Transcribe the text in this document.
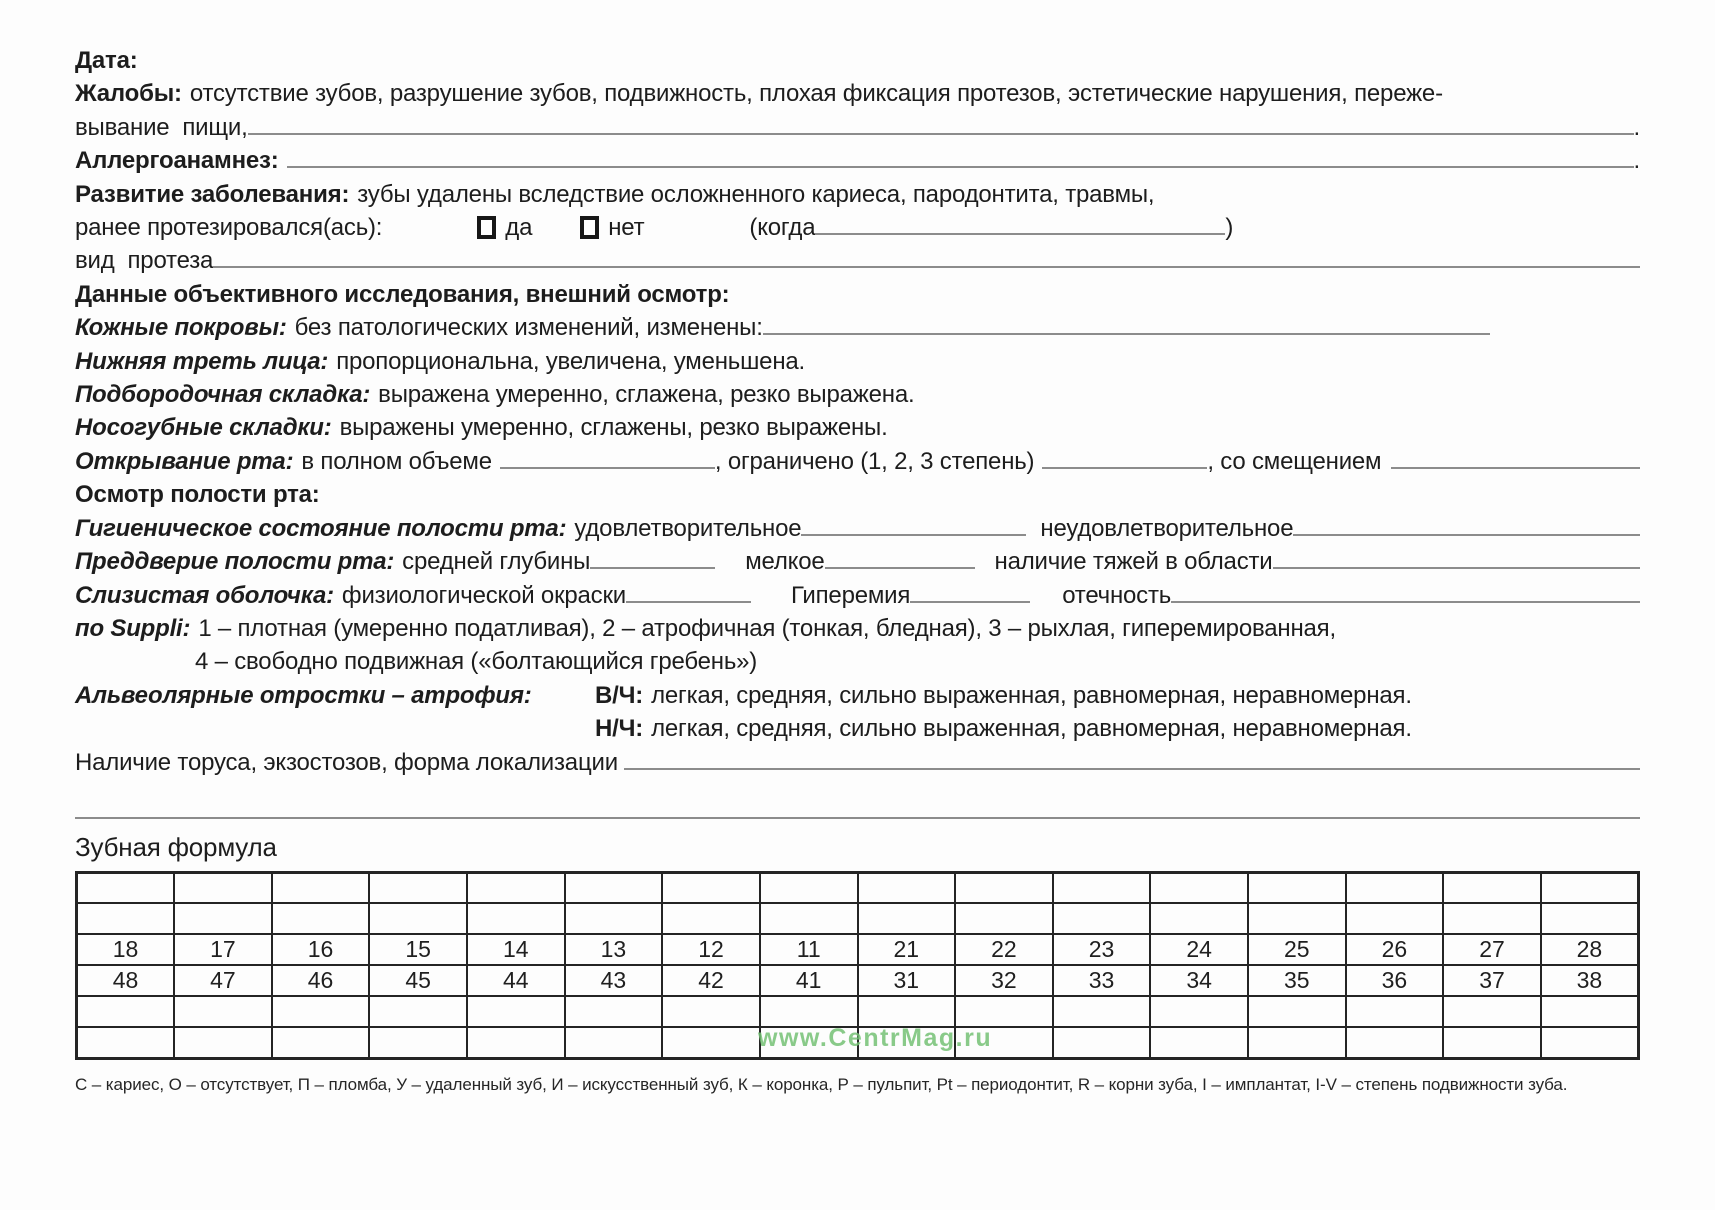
Дата:
Жалобы: отсутствие зубов, разрушение зубов, подвижность, плохая фиксация протезов, эстетические нарушения, переже-
вывание  пищи,	.
Аллергоанамнез:	.
Развитие заболевания: зубы удалены вследствие осложненного кариеса, пародонтита, травмы,
ранее протезировался(ась):	да	нет	(когда	)
вид  протеза
Данные объективного исследования, внешний осмотр:
Кожные покровы: без патологических изменений, изменены:
Нижняя треть лица: пропорциональна, увеличена, уменьшена.
Подбородочная складка: выражена умеренно, сглажена, резко выражена.
Носогубные складки: выражены умеренно, сглажены, резко выражены.
Открывание рта: в полном объеме	, ограничено (1, 2, 3 степень)	, со смещением
Осмотр полости рта:
Гигиеническое состояние полости рта: удовлетворительное	неудовлетворительное
Преддверие полости рта: средней глубины	мелкое	наличие тяжей в области
Слизистая оболочка: физиологической окраски	Гиперемия	отечность
по Suppli: 1 – плотная (умеренно податливая), 2 – атрофичная (тонкая, бледная), 3 – рыхлая, гиперемированная,
4 – свободно подвижная («болтающийся гребень»)
Альвеолярные отростки – атрофия:	В/Ч: легкая, средняя, сильно выраженная, равномерная, неравномерная.
Н/Ч: легкая, средняя, сильно выраженная, равномерная, неравномерная.
Наличие торуса, экзостозов, форма локализации
Зубная формула

18	17	16	15	14	13	12	11	21	22	23	24	25	26	27	28
48	47	46	45	44	43	42	41	31	32	33	34	35	36	37	38

С – кариес, О – отсутствует, П – пломба, У – удаленный зуб, И – искусственный зуб, К – коронка, Р – пульпит, Pt – периодонтит, R – корни зуба, I – имплантат, I-V – степень подвижности зуба.
www.CentrMag.ru
